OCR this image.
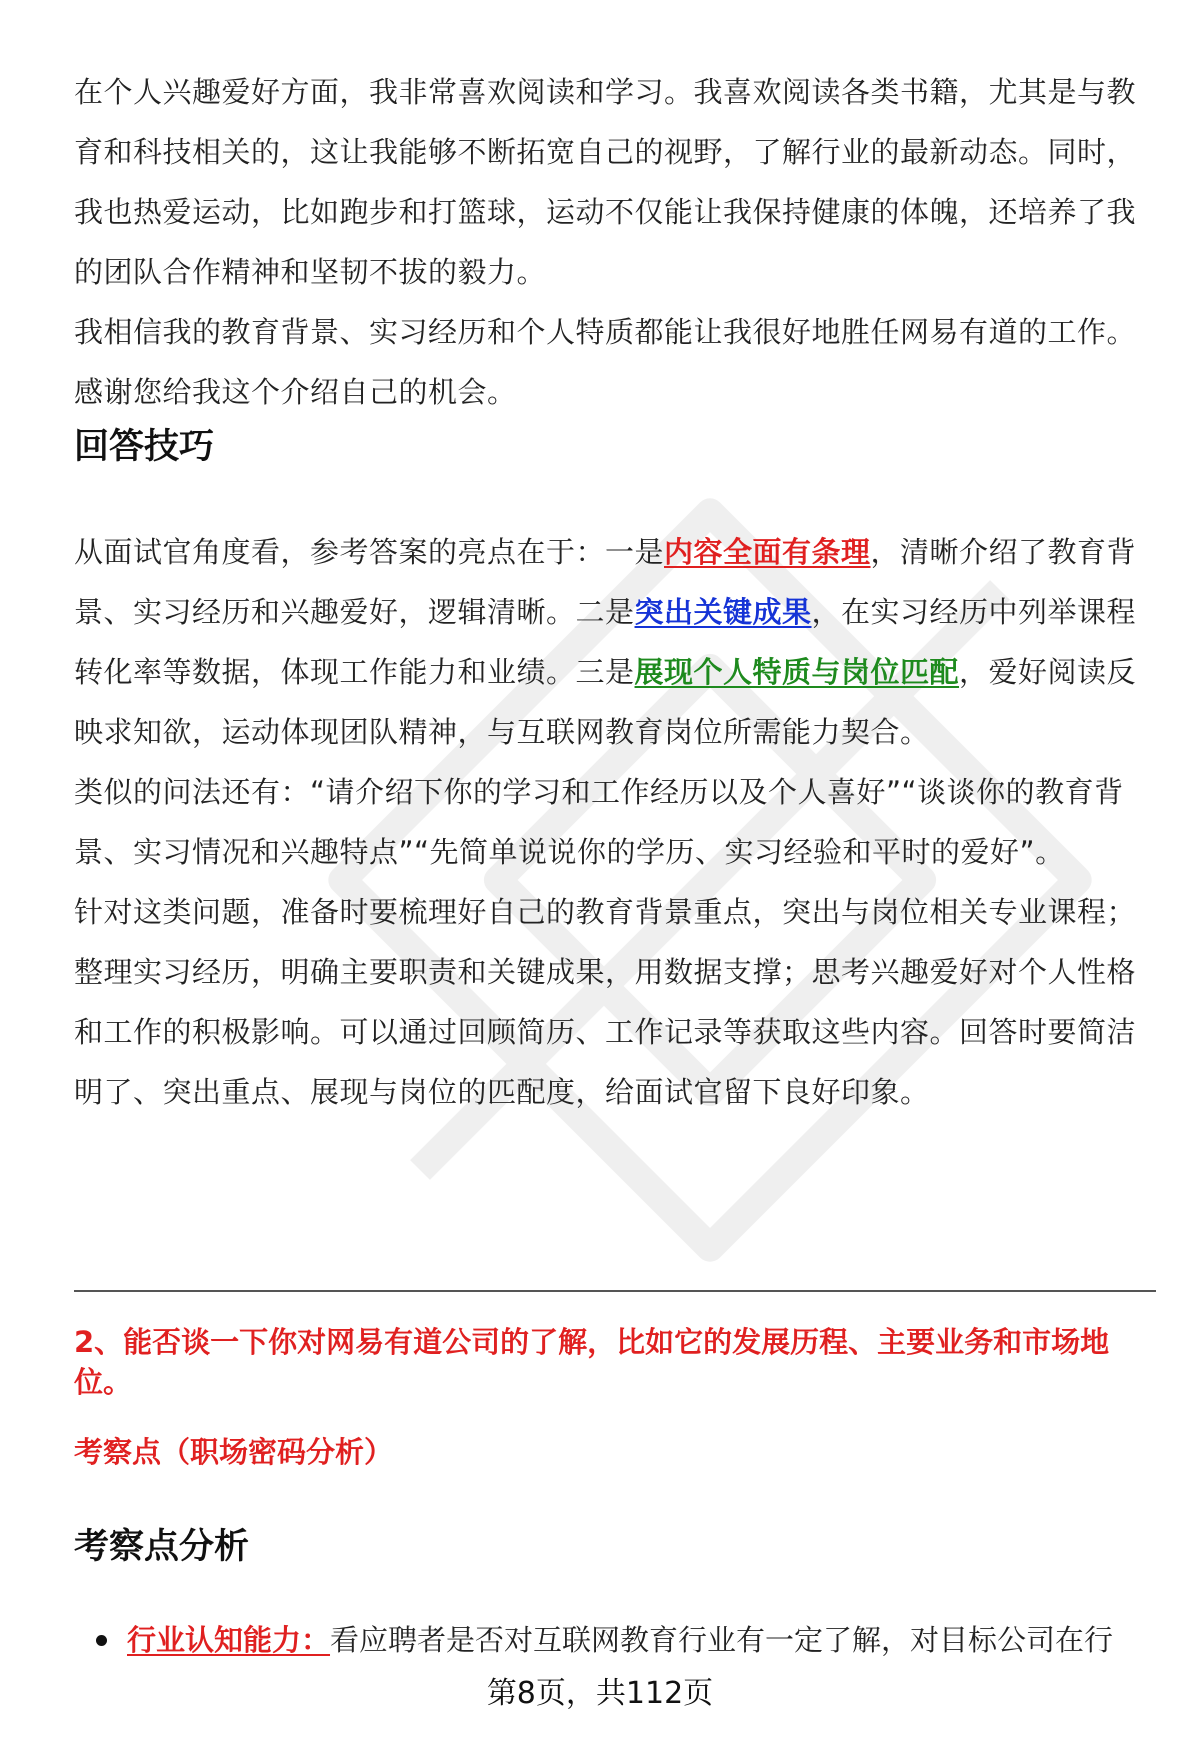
在个人兴趣爱好方面，我非常喜欢阅读和学习。我喜欢阅读各类书籍，尤其是与教育和科技相关的，这让我能够不断拓宽自己的视野，了解行业的最新动态。同时，我也热爱运动，比如跑步和打篮球，运动不仅能让我保持健康的体魄，还培养了我的团队合作精神和坚韧不拔的毅力。

我相信我的教育背景、实习经历和个人特质都能让我很好地胜任网易有道的工作。感谢您给我这个介绍自己的机会。

回答技巧

从面试官角度看，参考答案的亮点在于：一是内容全面有条理，清晰介绍了教育背景、实习经历和兴趣爱好，逻辑清晰。二是突出关键成果，在实习经历中列举课程转化率等数据，体现工作能力和业绩。三是展现个人特质与岗位匹配，爱好阅读反映求知欲，运动体现团队精神，与互联网教育岗位所需能力契合。

类似的问法还有：“请介绍下你的学习和工作经历以及个人喜好”“谈谈你的教育背景、实习情况和兴趣特点”“先简单说说你的学历、实习经验和平时的爱好”。

针对这类问题，准备时要梳理好自己的教育背景重点，突出与岗位相关专业课程；整理实习经历，明确主要职责和关键成果，用数据支撑；思考兴趣爱好对个人性格和工作的积极影响。可以通过回顾简历、工作记录等获取这些内容。回答时要简洁明了、突出重点、展现与岗位的匹配度，给面试官留下良好印象。

2、能否谈一下你对网易有道公司的了解，比如它的发展历程、主要业务和市场地位。

考察点（职场密码分析）

考察点分析
行业认知能力：看应聘者是否对互联网教育行业有一定了解，对目标公司在行
第8页，共112页
